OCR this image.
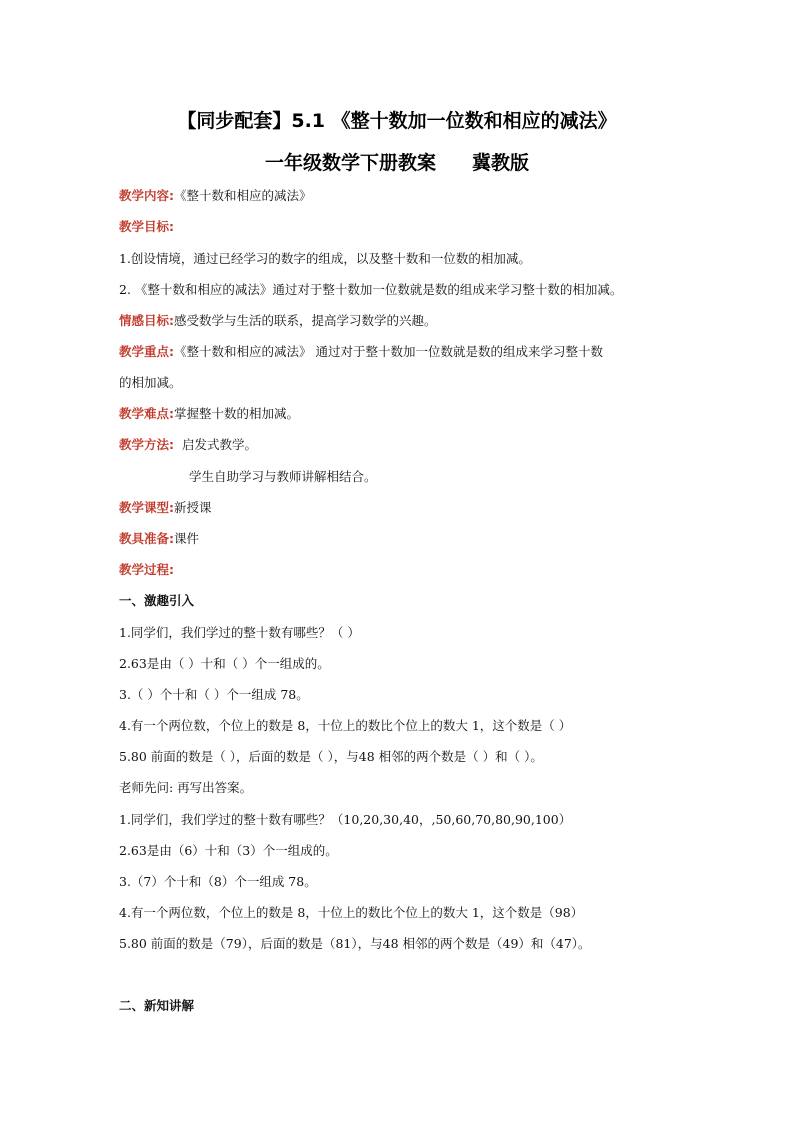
【同步配套】5.1 《整十数加一位数和相应的减法》
一年级数学下册教案 冀教版
教学内容:《整十数和相应的减法》
教学目标:
1.创设情境，通过已经学习的数字的组成，以及整十数和一位数的相加减。
2. 《整十数和相应的减法》通过对于整十数加一位数就是数的组成来学习整十数的相加减。
情感目标:感受数学与生活的联系，提高学习数学的兴趣。
教学重点:《整十数和相应的减法》 通过对于整十数加一位数就是数的组成来学习整十数
的相加减。
教学难点:掌握整十数的相加减。
教学方法: 启发式教学。
学生自助学习与教师讲解相结合。
教学课型:新授课
教具准备:课件
教学过程:
一、激趣引入
1.同学们，我们学过的整十数有哪些？（ ）
2.63是由（ ）十和（ ）个一组成的。
3.（ ）个十和（ ）个一组成 78。
4.有一个两位数，个位上的数是 8，十位上的数比个位上的数大 1，这个数是（ ）
5.80 前面的数是（ ），后面的数是（ ），与48 相邻的两个数是（ ）和（ ）。
老师先问: 再写出答案。
1.同学们，我们学过的整十数有哪些？（10,20,30,40，,50,60,70,80,90,100）
2.63是由（6）十和（3）个一组成的。
3.（7）个十和（8）个一组成 78。
4.有一个两位数，个位上的数是 8，十位上的数比个位上的数大 1，这个数是（98）
5.80 前面的数是（79），后面的数是（81），与48 相邻的两个数是（49）和（47）。
二、新知讲解
